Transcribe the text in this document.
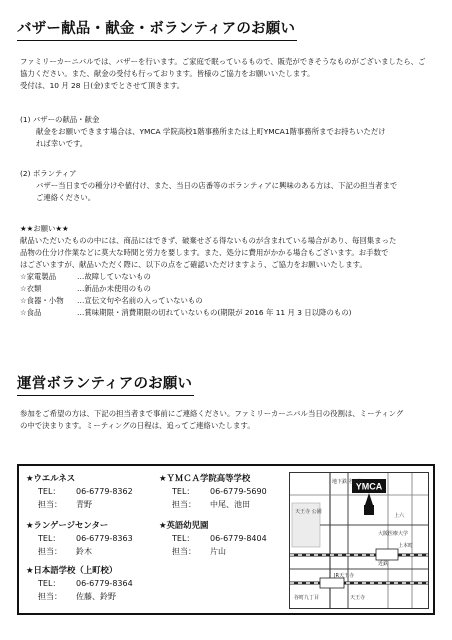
バザー献品・献金・ボランティアのお願い
ファミリーカーニバルでは、バザーを行います。ご家庭で眠っているもので、販売ができそうなものがございましたら、ご
協力ください。また、献金の受付も行っております。皆様のご協力をお願いいたします。
受付は、10 月 28 日(金)までとさせて頂きます。
(1) バザーの献品・献金
献金をお願いできます場合は、YMCA 学院高校1階事務所または上町YMCA1階事務所までお持ちいただけ
れば幸いです。
(2) ボランティア
バザー当日までの種分けや値付け、また、当日の店番等のボランティアに興味のある方は、下記の担当者まで
ご連絡ください。
★★お願い★★
献品いただいたものの中には、商品にはできず、破棄せざる得ないものが含まれている場合があり、毎回集まった
品物の仕分け作業などに莫大な時間と労力を要します。また、処分に費用がかかる場合もございます。お手数で
はございますが、献品いただく際に、以下の点をご確認いただけますよう、ご協力をお願いいたします。
☆家電製品	…故障していないもの
☆衣類	…新品か未使用のもの
☆食器・小物 …宣伝文句や名前の入っていないもの
☆食品	…賞味期限・消費期限の切れていないもの(期限が 2016 年 11 月 3 日以降のもの)
運営ボランティアのお願い
参加をご希望の方は、下記の担当者まで事前にご連絡ください。ファミリーカーニバル当日の役割は、ミーティング
の中で決まります。ミーティングの日程は、追ってご連絡いたします。
★ウエルネス
TEL： 06-6779-8362
担当： 青野
★ランゲージセンター
TEL： 06-6779-8363
担当： 鈴木
★日本語学校（上町校）
TEL： 06-6779-8364
担当： 佐藤、鈴野
★ＹＭＣＡ学院高等学校
TEL： 06-6779-5690
担当： 中尾、池田
★英語幼児園
TEL： 06-6779-8404
担当： 片山
YMCA
天王寺 公園
上六
大阪医療大学
地下鉄 谷町線
上本町
谷町九丁目
近鉄
JR天王寺
天王寺
